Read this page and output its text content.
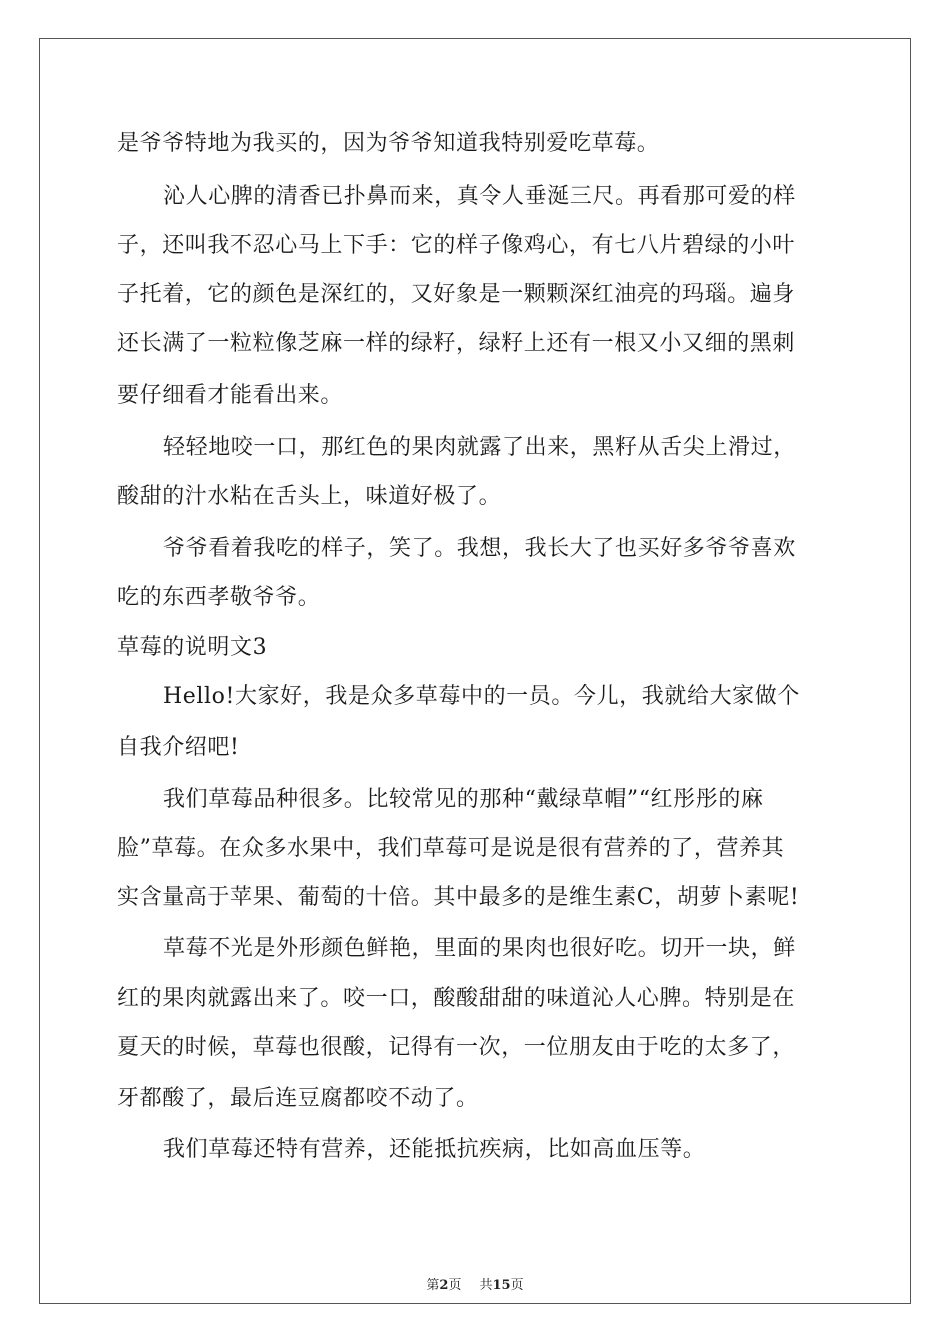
是爷爷特地为我买的，因为爷爷知道我特别爱吃草莓。
沁人心脾的清香已扑鼻而来，真令人垂涎三尺。再看那可爱的样
子，还叫我不忍心马上下手：它的样子像鸡心，有七八片碧绿的小叶
子托着，它的颜色是深红的，又好象是一颗颗深红油亮的玛瑙。遍身
还长满了一粒粒像芝麻一样的绿籽，绿籽上还有一根又小又细的黑刺
要仔细看才能看出来。
轻轻地咬一口，那红色的果肉就露了出来，黑籽从舌尖上滑过，
酸甜的汁水粘在舌头上，味道好极了。
爷爷看着我吃的样子，笑了。我想，我长大了也买好多爷爷喜欢
吃的东西孝敬爷爷。
草莓的说明文3
Hello!大家好，我是众多草莓中的一员。今儿，我就给大家做个
自我介绍吧!
我们草莓品种很多。比较常见的那种“戴绿草帽”“红彤彤的麻
脸”草莓。在众多水果中，我们草莓可是说是很有营养的了，营养其
实含量高于苹果、葡萄的十倍。其中最多的是维生素C，胡萝卜素呢!
草莓不光是外形颜色鲜艳，里面的果肉也很好吃。切开一块，鲜
红的果肉就露出来了。咬一口，酸酸甜甜的味道沁人心脾。特别是在
夏天的时候，草莓也很酸，记得有一次，一位朋友由于吃的太多了，
牙都酸了，最后连豆腐都咬不动了。
我们草莓还特有营养，还能抵抗疾病，比如高血压等。
第2页 共15页
